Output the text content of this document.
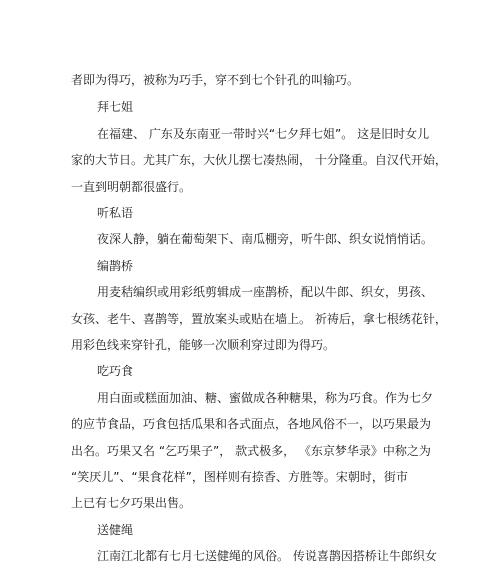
者即为得巧，被称为巧手，穿不到七个针孔的叫输巧。
拜七姐
在福建、 广东及东南亚一带时兴“七夕拜七姐”。 这是旧时女儿
家的大节日。尤其广东，大伙儿摆七凑热闹， 十分隆重。自汉代开始，
一直到明朝都很盛行。
听私语
夜深人静，躺在葡萄架下、南瓜棚旁，听牛郎、织女说悄悄话。
编鹊桥
用麦秸编织或用彩纸剪辑成一座鹊桥，配以牛郎、织女，男孩、
女孩、老牛、喜鹊等，置放案头或贴在墙上。 祈祷后，拿七根绣花针，
用彩色线来穿针孔，能够一次顺利穿过即为得巧。
吃巧食
用白面或糕面加油、糖、蜜做成各种糖果，称为巧食。作为七夕
的应节食品，巧食包括瓜果和各式面点，各地风俗不一，以巧果最为
出名。巧果又名 “乞巧果子”， 款式极多， 《东京梦华录》中称之为
“笑厌儿”、“果食花样”，图样则有捺香、方胜等。宋朝时，街市
上已有七夕巧果出售。
送健绳
江南江北都有七月七送健绳的风俗。 传说喜鹊因搭桥让牛郎织女
